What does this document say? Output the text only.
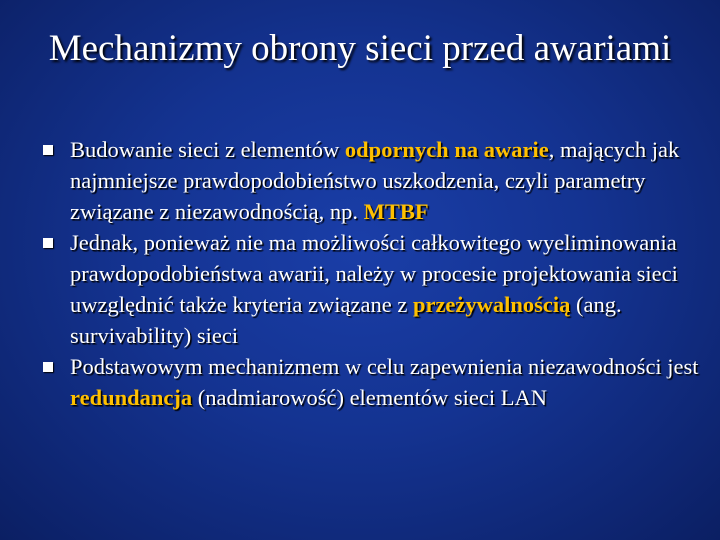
Mechanizmy obrony sieci przed awariami
Budowanie sieci z elementów odpornych na awarie, mających jak najmniejsze prawdopodobieństwo uszkodzenia, czyli parametry związane z niezawodnością, np. MTBF
Jednak, ponieważ nie ma możliwości całkowitego wyeliminowania prawdopodobieństwa awarii, należy w procesie projektowania sieci uwzględnić także kryteria związane z przeżywalnością (ang. survivability) sieci
Podstawowym mechanizmem w celu zapewnienia niezawodności jest redundancja (nadmiarowość) elementów sieci LAN
